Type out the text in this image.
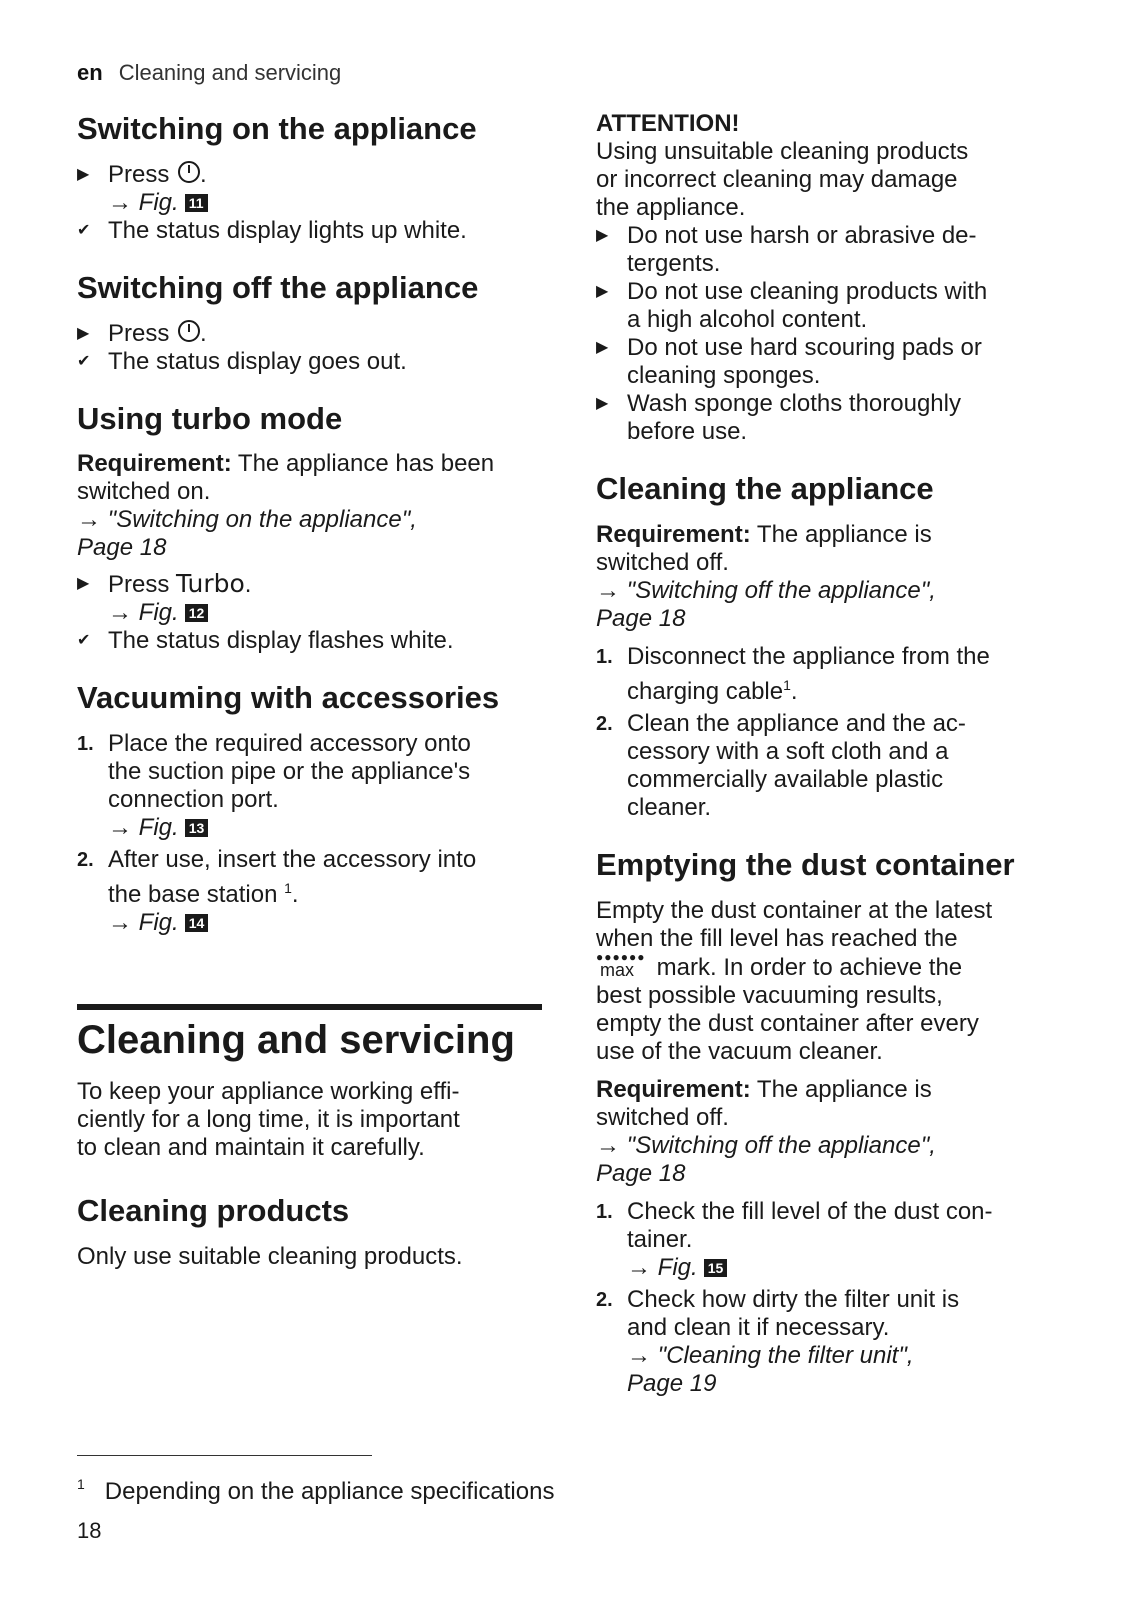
en Cleaning and servicing
Switching on the appliance
▶ Press .
→ Fig. 11
✔ The status display lights up white.
Switching off the appliance
▶ Press .
✔ The status display goes out.
Using turbo mode
Requirement: The appliance has been switched on.
→ "Switching on the appliance",
Page 18
▶ Press Turbo.
→ Fig. 12
✔ The status display flashes white.
Vacuuming with accessories
1. Place the required accessory onto
the suction pipe or the appliance's
connection port.
→ Fig. 13
2. After use, insert the accessory into
the base station $^1$.
→ Fig. 14
Cleaning and servicing
To keep your appliance working effi-
ciently for a long time, it is important
to clean and maintain it carefully.
Cleaning products
Only use suitable cleaning products.
ATTENTION!
Using unsuitable cleaning products
or incorrect cleaning may damage
the appliance.
▶ Do not use harsh or abrasive de-
tergents.
▶ Do not use cleaning products with
a high alcohol content.
▶ Do not use hard scouring pads or
cleaning sponges.
▶ Wash sponge cloths thoroughly
before use.
Cleaning the appliance
Requirement: The appliance is
switched off.
→ "Switching off the appliance",
Page 18
1. Disconnect the appliance from the
charging cable$^1$.
2. Clean the appliance and the ac-
cessory with a soft cloth and a
commercially available plastic
cleaner.
Emptying the dust container
Empty the dust container at the latest
when the fill level has reached the
●●●●●●
max mark. In order to achieve the
best possible vacuuming results,
empty the dust container after every
use of the vacuum cleaner.
Requirement: The appliance is
switched off.
→ "Switching off the appliance",
Page 18
1. Check the fill level of the dust con-
tainer.
→ Fig. 15
2. Check how dirty the filter unit is
and clean it if necessary.
→ "Cleaning the filter unit",
Page 19
$^1$ Depending on the appliance specifications
18
